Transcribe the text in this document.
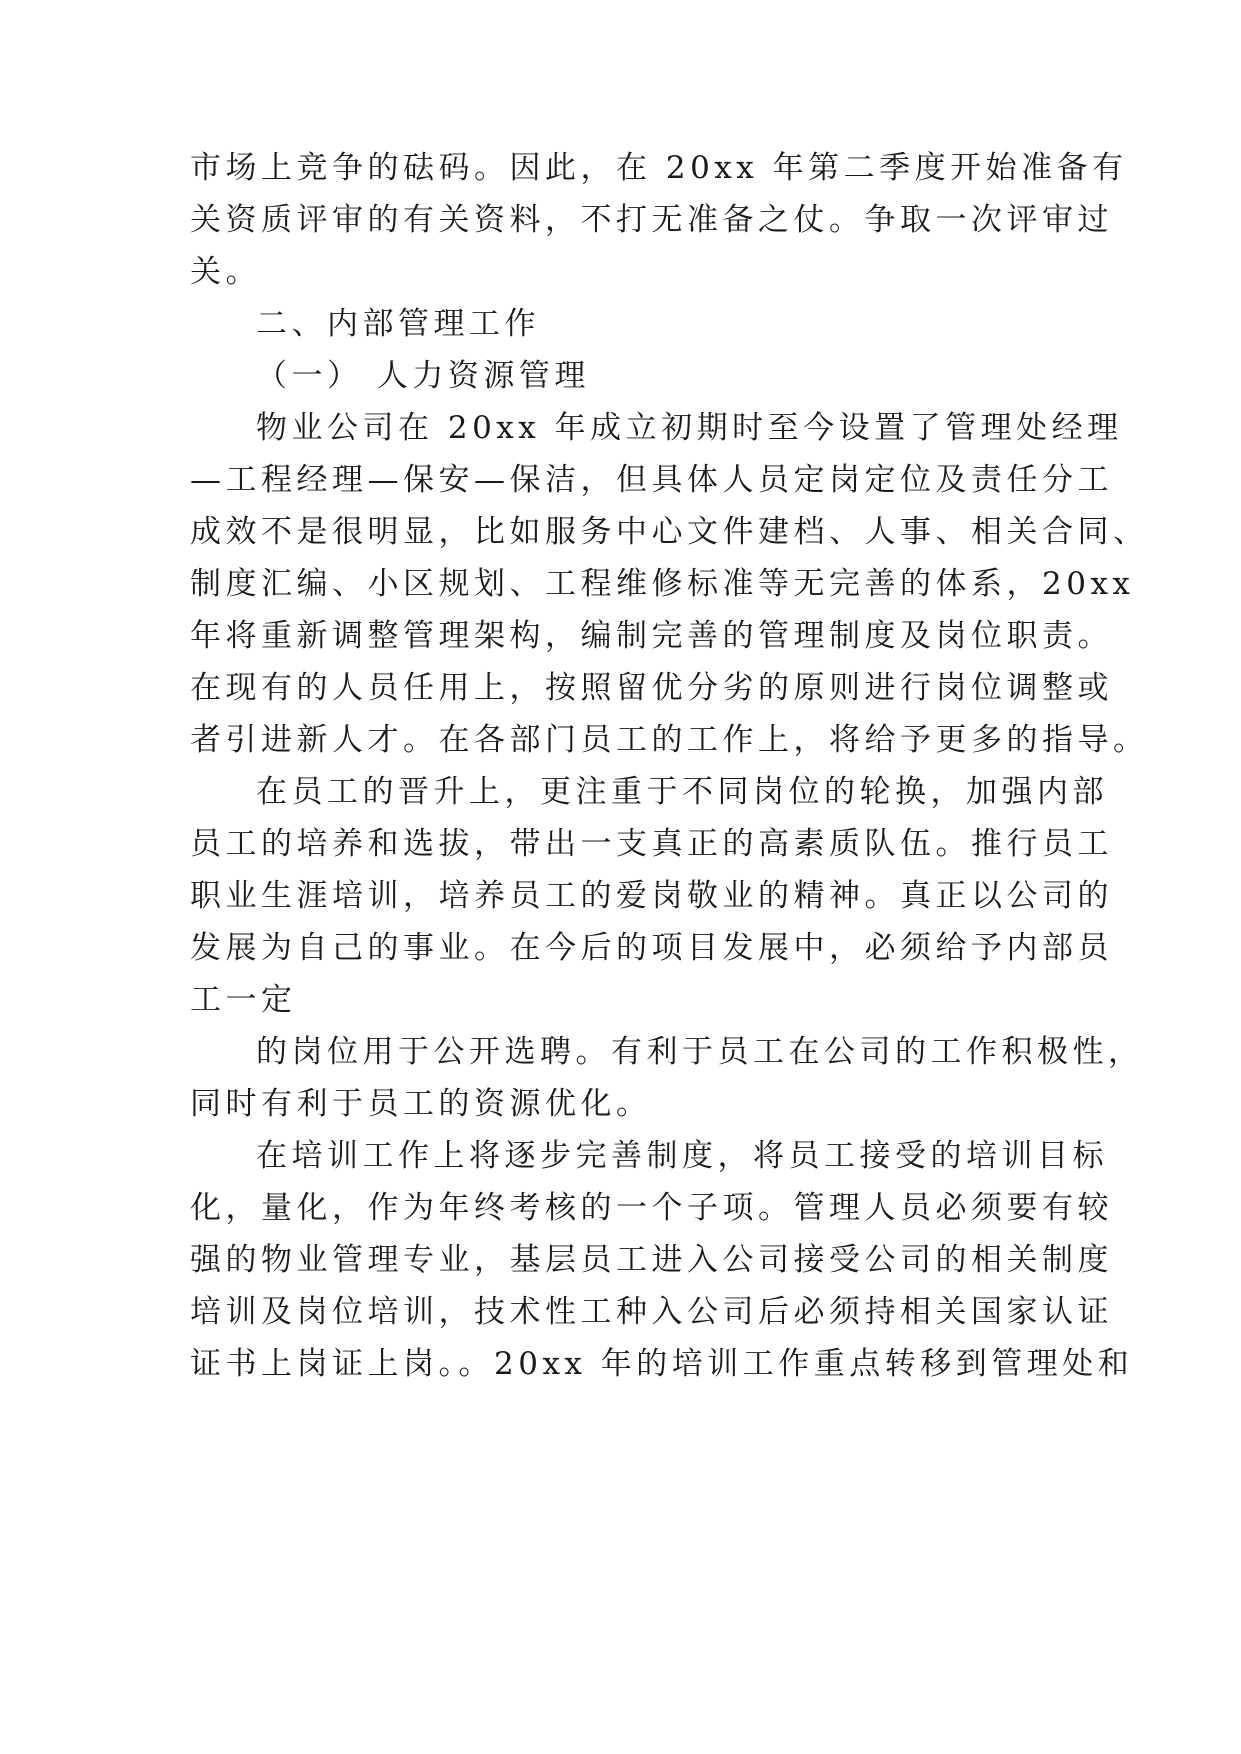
市场上竞争的砝码。因此，在 20xx 年第二季度开始准备有
关资质评审的有关资料，不打无准备之仗。争取一次评审过
关。
二、内部管理工作
（一） 人力资源管理
物业公司在 20xx 年成立初期时至今设置了管理处经理
—工程经理—保安—保洁，但具体人员定岗定位及责任分工
成效不是很明显，比如服务中心文件建档、人事、相关合同、
制度汇编、小区规划、工程维修标准等无完善的体系，20xx
年将重新调整管理架构，编制完善的管理制度及岗位职责。
在现有的人员任用上，按照留优分劣的原则进行岗位调整或
者引进新人才。在各部门员工的工作上，将给予更多的指导。
在员工的晋升上，更注重于不同岗位的轮换，加强内部
员工的培养和选拔，带出一支真正的高素质队伍。推行员工
职业生涯培训，培养员工的爱岗敬业的精神。真正以公司的
发展为自己的事业。在今后的项目发展中，必须给予内部员
工一定
的岗位用于公开选聘。有利于员工在公司的工作积极性，
同时有利于员工的资源优化。
在培训工作上将逐步完善制度，将员工接受的培训目标
化，量化，作为年终考核的一个子项。管理人员必须要有较
强的物业管理专业，基层员工进入公司接受公司的相关制度
培训及岗位培训，技术性工种入公司后必须持相关国家认证
证书上岗证上岗。。20xx 年的培训工作重点转移到管理处和
